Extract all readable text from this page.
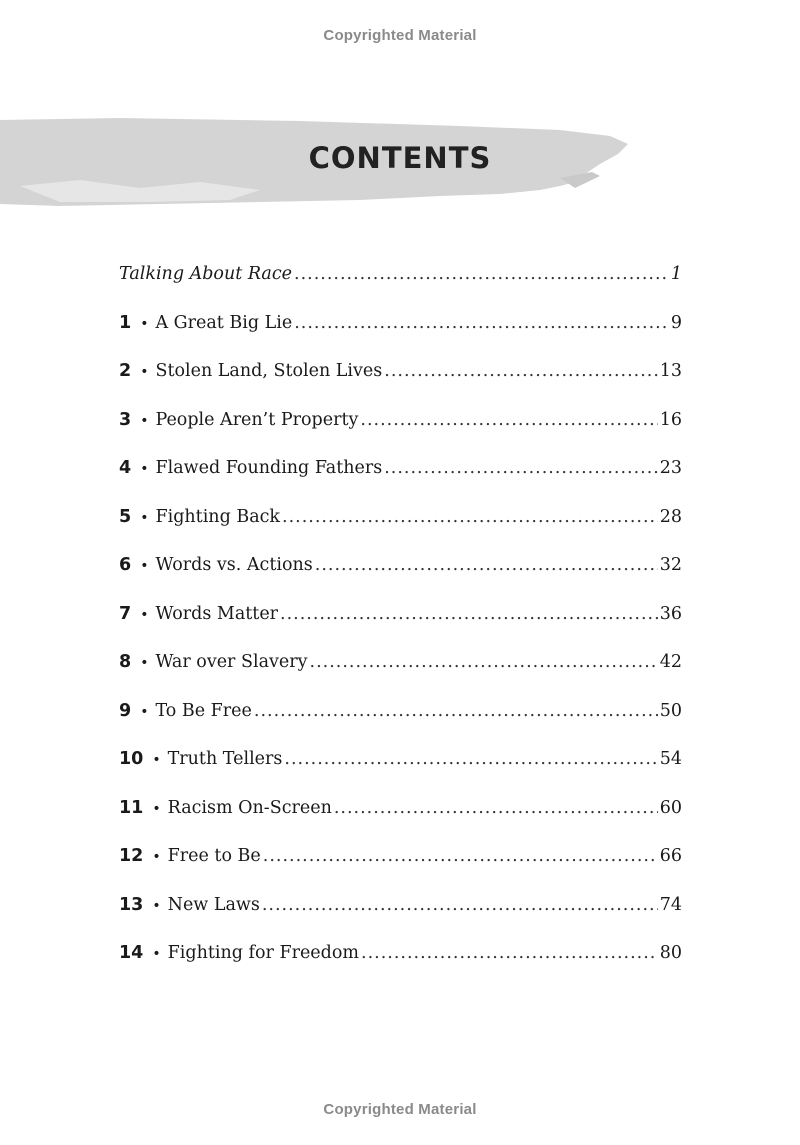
Copyrighted Material
CONTENTS
Talking About Race .....	1
1 • A Great Big Lie .....	9
2 • Stolen Land, Stolen Lives .....	13
3 • People Aren’t Property .....	16
4 • Flawed Founding Fathers .....	23
5 • Fighting Back .....	28
6 • Words vs. Actions .....	32
7 • Words Matter .....	36
8 • War over Slavery .....	42
9 • To Be Free .....	50
10 • Truth Tellers .....	54
11 • Racism On-Screen .....	60
12 • Free to Be .....	66
13 • New Laws .....	74
14 • Fighting for Freedom .....	80
Copyrighted Material
